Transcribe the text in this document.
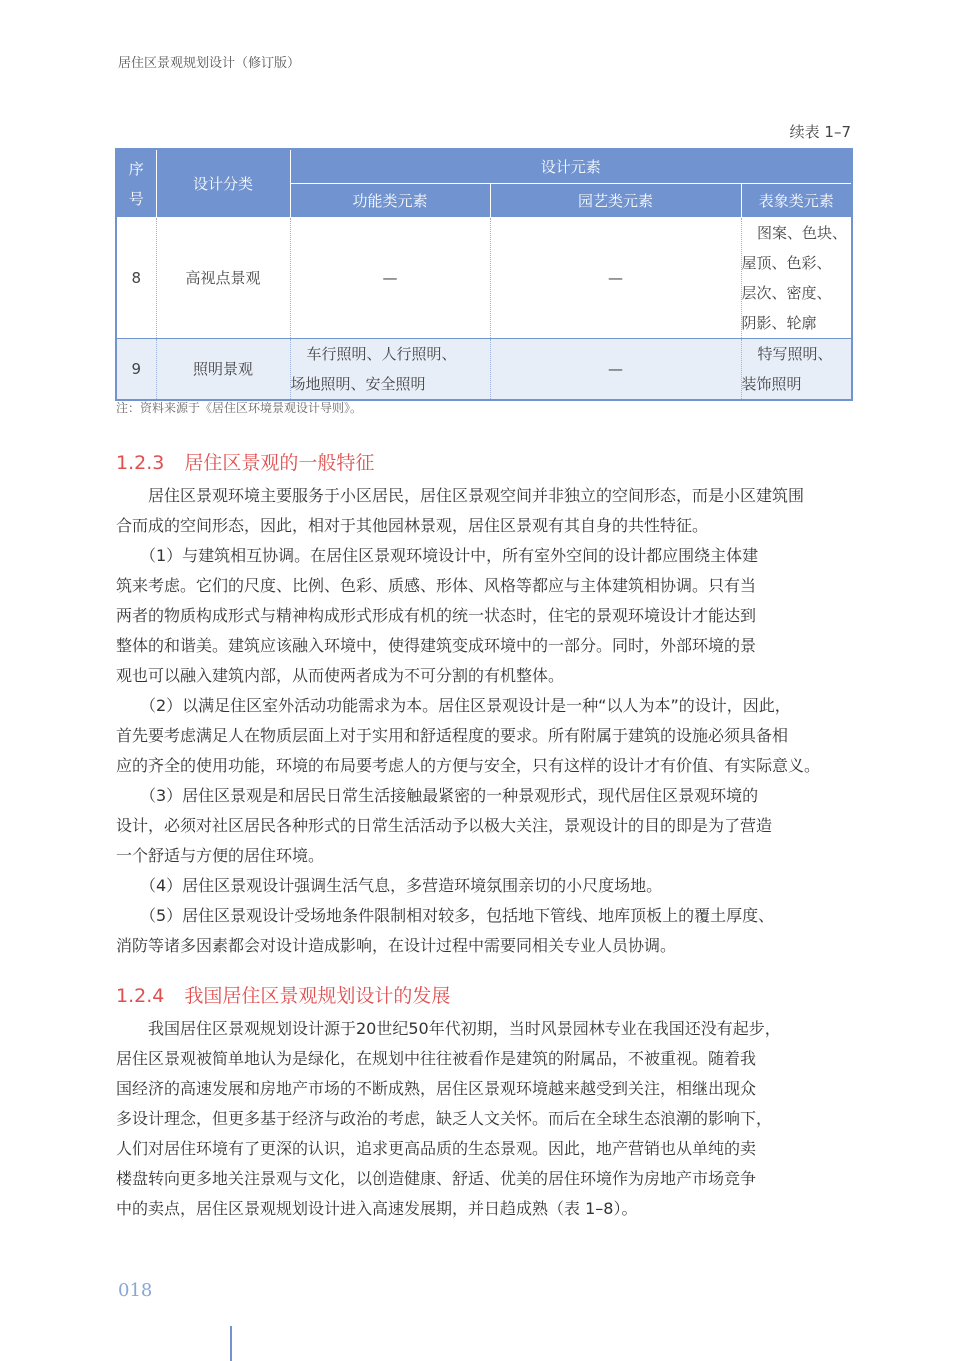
居住区景观规划设计（修订版）
续表 1–7
序号	设计分类	设计元素		
		功能类元素	园艺类元素	表象类元素
8	高视点景观	—	—	图案、色块、
屋顶、色彩、
层次、密度、
阴影、轮廓

9	照明景观	车行照明、人行照明、
场地照明、安全照明	—	特写照明、
装饰照明
注：资料来源于《居住区环境景观设计导则》。
1.2.3 居住区景观的一般特征
　　居住区景观环境主要服务于小区居民，居住区景观空间并非独立的空间形态，而是小区建筑围
合而成的空间形态，因此，相对于其他园林景观，居住区景观有其自身的共性特征。
　　（1）与建筑相互协调。在居住区景观环境设计中，所有室外空间的设计都应围绕主体建
筑来考虑。它们的尺度、比例、色彩、质感、形体、风格等都应与主体建筑相协调。只有当
两者的物质构成形式与精神构成形式形成有机的统一状态时，住宅的景观环境设计才能达到
整体的和谐美。建筑应该融入环境中，使得建筑变成环境中的一部分。同时，外部环境的景
观也可以融入建筑内部，从而使两者成为不可分割的有机整体。
　　（2）以满足住区室外活动功能需求为本。居住区景观设计是一种“以人为本”的设计，因此，
首先要考虑满足人在物质层面上对于实用和舒适程度的要求。所有附属于建筑的设施必须具备相
应的齐全的使用功能，环境的布局要考虑人的方便与安全，只有这样的设计才有价值、有实际意义。
　　（3）居住区景观是和居民日常生活接触最紧密的一种景观形式，现代居住区景观环境的
设计，必须对社区居民各种形式的日常生活活动予以极大关注，景观设计的目的即是为了营造
一个舒适与方便的居住环境。
　　（4）居住区景观设计强调生活气息，多营造环境氛围亲切的小尺度场地。
　　（5）居住区景观设计受场地条件限制相对较多，包括地下管线、地库顶板上的覆土厚度、
消防等诸多因素都会对设计造成影响，在设计过程中需要同相关专业人员协调。
1.2.4 我国居住区景观规划设计的发展
　　我国居住区景观规划设计源于20世纪50年代初期，当时风景园林专业在我国还没有起步，
居住区景观被简单地认为是绿化，在规划中往往被看作是建筑的附属品，不被重视。随着我
国经济的高速发展和房地产市场的不断成熟，居住区景观环境越来越受到关注，相继出现众
多设计理念，但更多基于经济与政治的考虑，缺乏人文关怀。而后在全球生态浪潮的影响下，
人们对居住环境有了更深的认识，追求更高品质的生态景观。因此，地产营销也从单纯的卖
楼盘转向更多地关注景观与文化，以创造健康、舒适、优美的居住环境作为房地产市场竞争
中的卖点，居住区景观规划设计进入高速发展期，并日趋成熟（表 1–8）。
018
